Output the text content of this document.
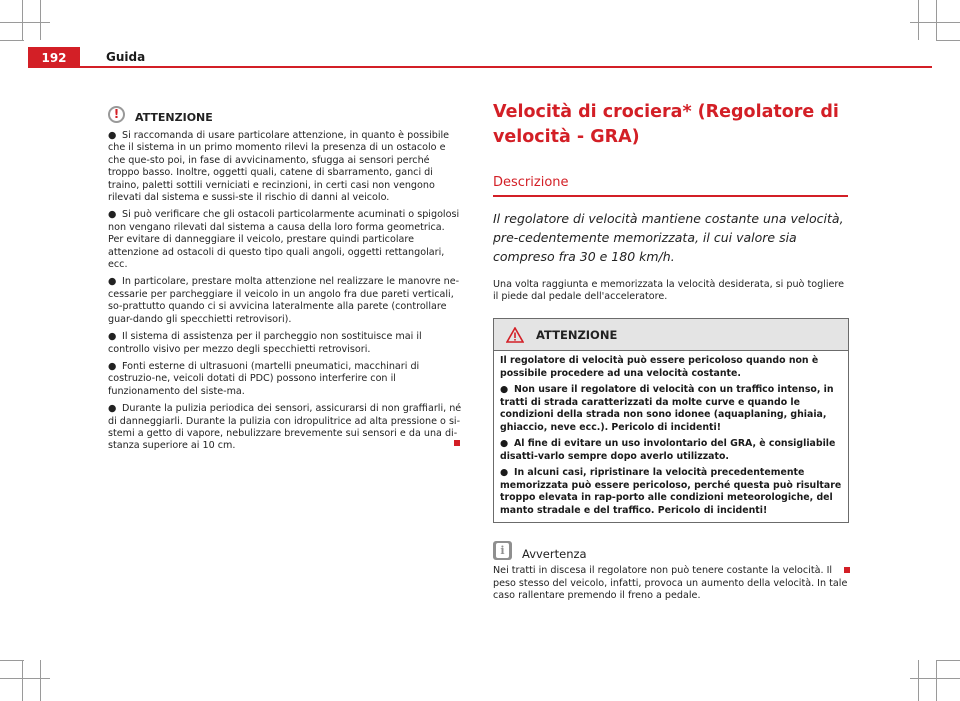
192	Guida
!	ATTENZIONE

● Si raccomanda di usare particolare attenzione, in quanto è possibile che il sistema in un primo momento rilevi la presenza di un ostacolo e che que-sto poi, in fase di avvicinamento, sfugga ai sensori perché troppo basso. Inoltre, oggetti quali, catene di sbarramento, ganci di traino, paletti sottili verniciati e recinzioni, in certi casi non vengono rilevati dal sistema e sussi-ste il rischio di danni al veicolo.

● Si può verificare che gli ostacoli particolarmente acuminati o spigolosi non vengano rilevati dal sistema a causa della loro forma geometrica. Per evitare di danneggiare il veicolo, prestare quindi particolare attenzione ad ostacoli di questo tipo quali angoli, oggetti rettangolari, ecc.

● In particolare, prestare molta attenzione nel realizzare le manovre ne-cessarie per parcheggiare il veicolo in un angolo fra due pareti verticali, so-prattutto quando ci si avvicina lateralmente alla parete (controllare guar-dando gli specchietti retrovisori).

● Il sistema di assistenza per il parcheggio non sostituisce mai il controllo visivo per mezzo degli specchietti retrovisori.

● Fonti esterne di ultrasuoni (martelli pneumatici, macchinari di costruzio-ne, veicoli dotati di PDC) possono interferire con il funzionamento del siste-ma.

● Durante la pulizia periodica dei sensori, assicurarsi di non graffiarli, né di danneggiarli. Durante la pulizia con idropulitrice ad alta pressione o si-stemi a getto di vapore, nebulizzare brevemente sui sensori e da una di-stanza superiore ai 10 cm.

Velocità di crociera* (Regolatore di velocità - GRA)
Descrizione
Il regolatore di velocità mantiene costante una velocità, pre-cedentemente memorizzata, il cui valore sia compreso fra 30 e 180 km/h.
Una volta raggiunta e memorizzata la velocità desiderata, si può togliere il piede dal pedale dell'acceleratore.
ATTENZIONE

Il regolatore di velocità può essere pericoloso quando non è possibile procedere ad una velocità costante.

● Non usare il regolatore di velocità con un traffico intenso, in tratti di strada caratterizzati da molte curve e quando le condizioni della strada non sono idonee (aquaplaning, ghiaia, ghiaccio, neve ecc.). Pericolo di incidenti!

● Al fine di evitare un uso involontario del GRA, è consigliabile disatti-varlo sempre dopo averlo utilizzato.

● In alcuni casi, ripristinare la velocità precedentemente memorizzata può essere pericoloso, perché questa può risultare troppo elevata in rap-porto alle condizioni meteorologiche, del manto stradale e del traffico. Pericolo di incidenti!

i	Avvertenza
Nei tratti in discesa il regolatore non può tenere costante la velocità. Il peso stesso del veicolo, infatti, provoca un aumento della velocità. In tale caso rallentare premendo il freno a pedale.
